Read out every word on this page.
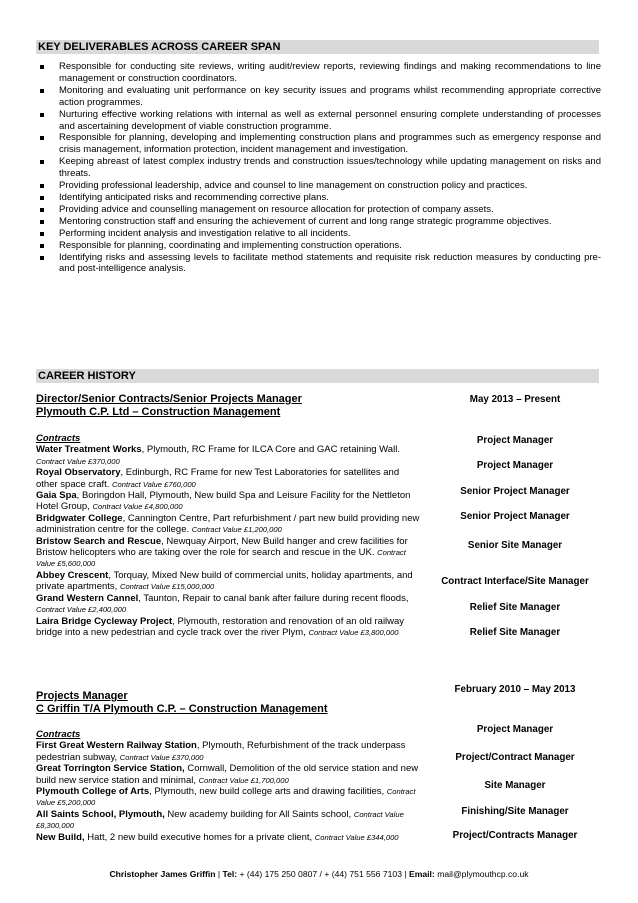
KEY DELIVERABLES ACROSS CAREER SPAN
Responsible for conducting site reviews, writing audit/review reports, reviewing findings and making recommendations to line management or construction coordinators.
Monitoring and evaluating unit performance on key security issues and programs whilst recommending appropriate corrective action programmes.
Nurturing effective working relations with internal as well as external personnel ensuring complete understanding of processes and ascertaining development of viable construction programme.
Responsible for planning, developing and implementing construction plans and programmes such as emergency response and crisis management, information protection, incident management and investigation.
Keeping abreast of latest complex industry trends and construction issues/technology while updating management on risks and threats.
Providing professional leadership, advice and counsel to line management on construction policy and practices.
Identifying anticipated risks and recommending corrective plans.
Providing advice and counselling management on resource allocation for protection of company assets.
Mentoring construction staff and ensuring the achievement of current and long range strategic programme objectives.
Performing incident analysis and investigation relative to all incidents.
Responsible for planning, coordinating and implementing construction operations.
Identifying risks and assessing levels to facilitate method statements and requisite risk reduction measures by conducting pre- and post-intelligence analysis.
CAREER HISTORY
Director/Senior Contracts/Senior Projects Manager
Plymouth C.P. Ltd – Construction Management
May 2013 – Present
Contracts
Water Treatment Works, Plymouth, RC Frame for ILCA Core and GAC retaining Wall. Contract Value £370,000
Royal Observatory, Edinburgh, RC Frame for new Test Laboratories for satellites and other space craft. Contract Value £760,000
Gaia Spa, Boringdon Hall, Plymouth, New build Spa and Leisure Facility for the Nettleton Hotel Group, Contract Value £4,800,000
Bridgwater College, Cannington Centre, Part refurbishment / part new build providing new administration centre for the college. Contract Value £1,200,000
Bristow Search and Rescue, Newquay Airport, New Build hanger and crew facilities for Bristow helicopters who are taking over the role for search and rescue in the UK. Contract Value £5,600,000
Abbey Crescent, Torquay, Mixed New build of commercial units, holiday apartments, and private apartments, Contract Value £15,000,000
Grand Western Cannel, Taunton, Repair to canal bank after failure during recent floods, Contract Value £2,400,000
Laira Bridge Cycleway Project, Plymouth, restoration and renovation of an old railway bridge into a new pedestrian and cycle track over the river Plym, Contract Value £3,800,000
Project Manager
Project Manager
Senior Project Manager
Senior Project Manager
Senior Site Manager
Contract Interface/Site Manager
Relief Site Manager
Relief Site Manager
Projects Manager
C Griffin T/A Plymouth C.P. – Construction Management
February 2010 – May 2013
Contracts
First Great Western Railway Station, Plymouth, Refurbishment of the track underpass pedestrian subway, Contract Value £370,000
Great Torrington Service Station, Cornwall, Demolition of the old service station and new build new service station and minimal, Contract Value £1,700,000
Plymouth College of Arts, Plymouth, new build college arts and drawing facilities, Contract Value £5,200,000
All Saints School, Plymouth, New academy building for All Saints school, Contract Value £8,300,000
New Build, Hatt, 2 new build executive homes for a private client, Contract Value £344,000
Project Manager
Project/Contract Manager
Site Manager
Finishing/Site Manager
Project/Contracts Manager
Christopher James Griffin | Tel: + (44) 175 250 0807 / + (44) 751 556 7103 | Email: mail@plymouthcp.co.uk
